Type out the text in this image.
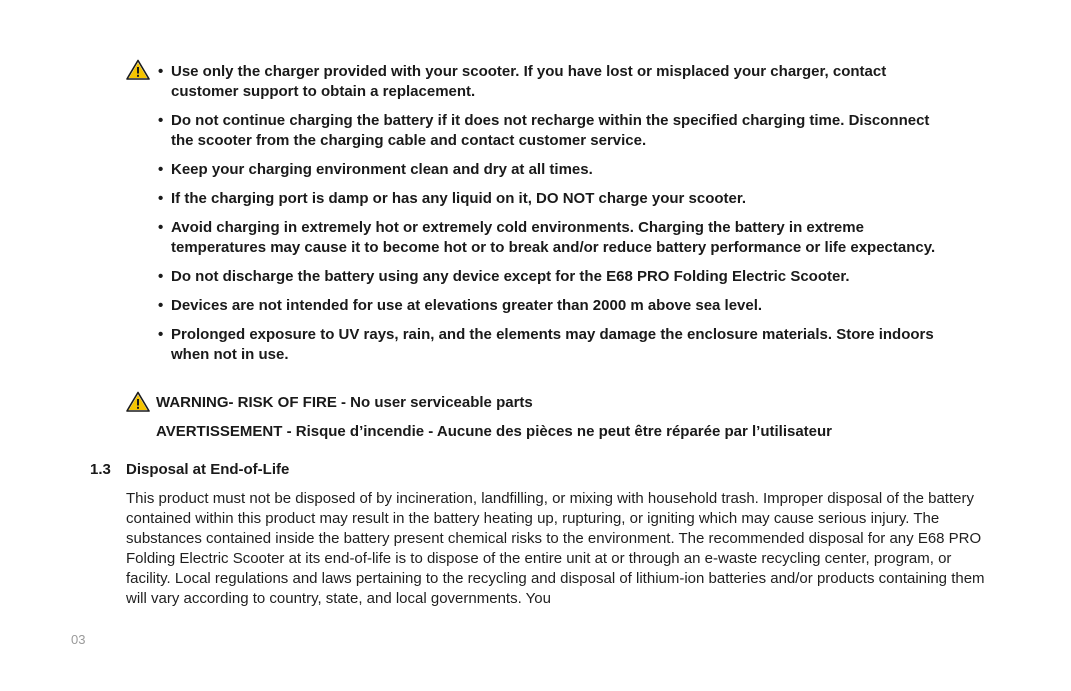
• Use only the charger provided with your scooter. If you have lost or misplaced your charger, contact customer support to obtain a replacement.
• Do not continue charging the battery if it does not recharge within the specified charging time. Disconnect the scooter from the charging cable and contact customer service.
• Keep your charging environment clean and dry at all times.
• If the charging port is damp or has any liquid on it, DO NOT charge your scooter.
• Avoid charging in extremely hot or extremely cold environments. Charging the battery in extreme temperatures may cause it to become hot or to break and/or reduce battery performance or life expectancy.
• Do not discharge the battery using any device except for the E68 PRO Folding Electric Scooter.
• Devices are not intended for use at elevations greater than 2000 m above sea level.
• Prolonged exposure to UV rays, rain, and the elements may damage the enclosure materials. Store indoors when not in use.
WARNING- RISK OF FIRE - No user serviceable parts
AVERTISSEMENT - Risque d’incendie - Aucune des pièces ne peut être réparée par l’utilisateur
1.3 Disposal at End-of-Life

This product must not be disposed of by incineration, landfilling, or mixing with household trash. Improper disposal of the battery contained within this product may result in the battery heating up, rupturing, or igniting which may cause serious injury. The substances contained inside the battery present chemical risks to the environment. The recommended disposal for any E68 PRO Folding Electric Scooter at its end-of-life is to dispose of the entire unit at or through an e-waste recycling center, program, or facility. Local regulations and laws pertaining to the recycling and disposal of lithium-ion batteries and/or products containing them will vary according to country, state, and local governments. You

03
